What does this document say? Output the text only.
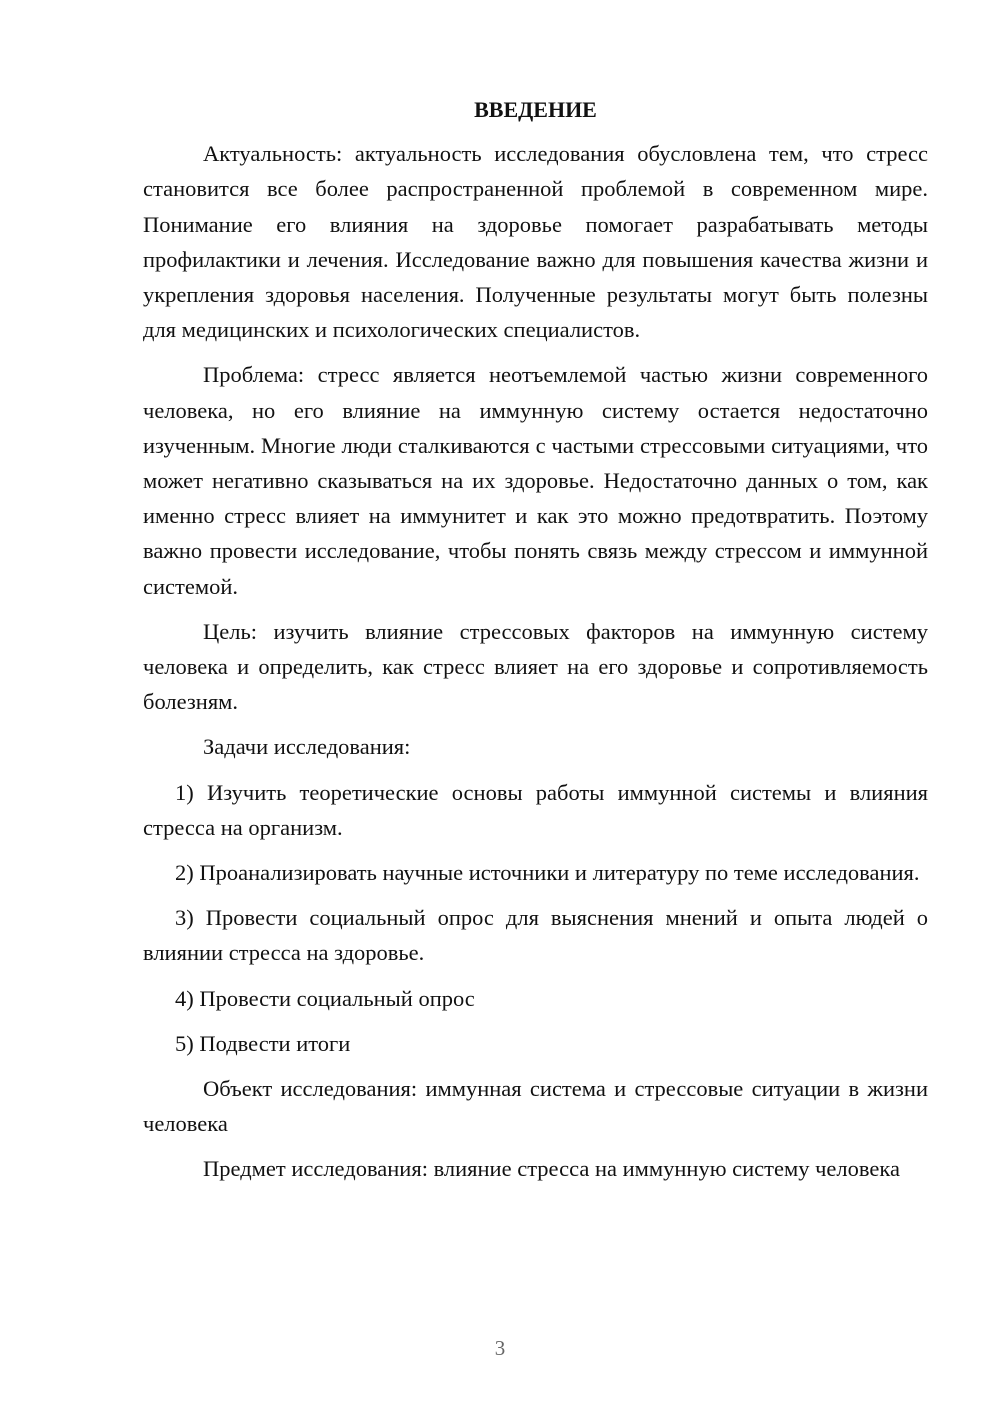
ВВЕДЕНИЕ

Актуальность: актуальность исследования обусловлена тем, что стресс становится все более распространенной проблемой в современном мире. Понимание его влияния на здоровье помогает разрабатывать методы профилактики и лечения. Исследование важно для повышения качества жизни и укрепления здоровья населения. Полученные результаты могут быть полезны для медицинских и психологических специалистов.

Проблема: стресс является неотъемлемой частью жизни современного человека, но его влияние на иммунную систему остается недостаточно изученным. Многие люди сталкиваются с частыми стрессовыми ситуациями, что может негативно сказываться на их здоровье. Недостаточно данных о том, как именно стресс влияет на иммунитет и как это можно предотвратить. Поэтому важно провести исследование, чтобы понять связь между стрессом и иммунной системой.

Цель: изучить влияние стрессовых факторов на иммунную систему человека и определить, как стресс влияет на его здоровье и сопротивляемость болезням.

Задачи исследования:

1) Изучить теоретические основы работы иммунной системы и влияния стресса на организм.

2) Проанализировать научные источники и литературу по теме исследования.

3) Провести социальный опрос для выяснения мнений и опыта людей о влиянии стресса на здоровье.

4) Провести социальный опрос

5) Подвести итоги

Объект исследования: иммунная система и стрессовые ситуации в жизни человека

Предмет исследования: влияние стресса на иммунную систему человека

3
